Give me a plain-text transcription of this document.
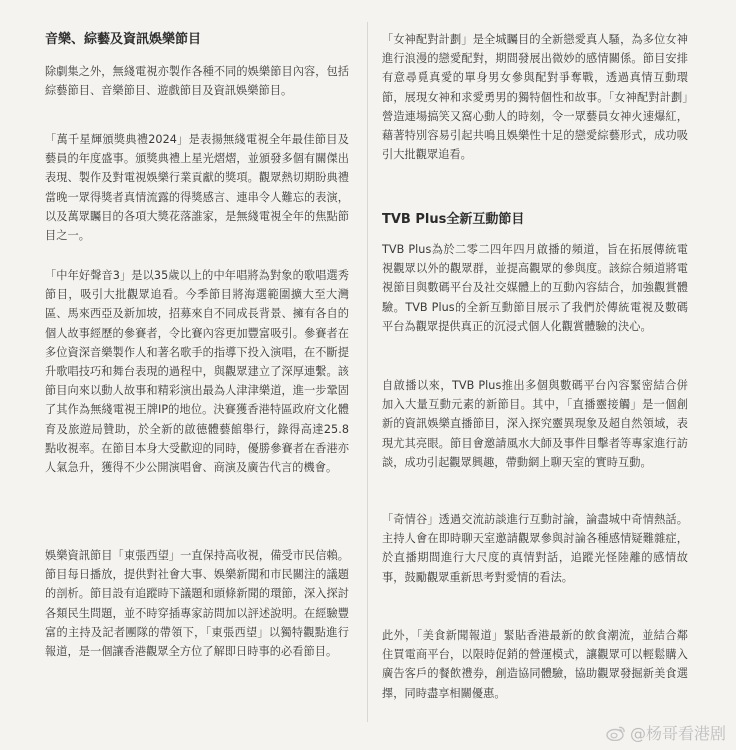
音樂、綜藝及資訊娛樂節目

除劇集之外，無綫電視亦製作各種不同的娛樂節目內容，包括綜藝節目、音樂節目、遊戲節目及資訊娛樂節目。

「萬千星輝頒獎典禮2024」是表揚無綫電視全年最佳節目及藝員的年度盛事。頒獎典禮上星光熠熠，並頒發多個有關傑出表現、製作及對電視娛樂行業貢獻的獎項。觀眾熱切期盼典禮當晚一眾得獎者真情流露的得獎感言、連串令人難忘的表演，以及萬眾矚目的各項大獎花落誰家，是無綫電視全年的焦點節目之一。

「中年好聲音3」是以35歲以上的中年唱將為對象的歌唱選秀節目，吸引大批觀眾追看。今季節目將海選範圍擴大至大灣區、馬來西亞及新加坡，招募來自不同成長背景、擁有各自的個人故事經歷的參賽者，令比賽內容更加豐富吸引。參賽者在多位資深音樂製作人和著名歌手的指導下投入演唱，在不斷提升歌唱技巧和舞台表現的過程中，與觀眾建立了深厚連繫。該節目向來以動人故事和精彩演出最為人津津樂道，進一步鞏固了其作為無綫電視王牌IP的地位。決賽獲香港特區政府文化體育及旅遊局贊助，於全新的啟德體藝館舉行，錄得高達25.8點收視率。在節目本身大受歡迎的同時，優勝參賽者在香港亦人氣急升，獲得不少公開演唱會、商演及廣告代言的機會。

娛樂資訊節目「東張西望」一直保持高收視，備受市民信賴。節目每日播放，提供對社會大事、娛樂新聞和市民關注的議題的剖析。節目設有追蹤時下議題和頭條新聞的環節，深入探討各類民生問題，並不時穿插專家訪問加以評述說明。在經驗豐富的主持及記者團隊的帶領下，「東張西望」以獨特觀點進行報道，是一個讓香港觀眾全方位了解即日時事的必看節目。

「女神配對計劃」是全城矚目的全新戀愛真人騷，為多位女神進行浪漫的戀愛配對，期間發展出微妙的感情關係。節目安排有意尋覓真愛的單身男女參與配對爭奪戰，透過真情互動環節，展現女神和求愛勇男的獨特個性和故事。「女神配對計劃」營造連場搞笑又窩心動人的時刻，令一眾藝員女神火速爆紅，藉著特別容易引起共鳴且娛樂性十足的戀愛綜藝形式，成功吸引大批觀眾追看。

TVB Plus全新互動節目

TVB Plus為於二零二四年四月啟播的頻道，旨在拓展傳統電視觀眾以外的觀眾群，並提高觀眾的參與度。該綜合頻道將電視節目與數碼平台及社交媒體上的互動內容結合，加強觀賞體驗。TVB Plus的全新互動節目展示了我們於傳統電視及數碼平台為觀眾提供真正的沉浸式個人化觀賞體驗的決心。

自啟播以來，TVB Plus推出多個與數碼平台內容緊密結合併加入大量互動元素的新節目。其中，「直播靈接觸」是一個創新的資訊娛樂直播節目，深入探究靈異現象及超自然領域，表現尤其亮眼。節目會邀請風水大師及事件目擊者等專家進行訪談，成功引起觀眾興趣，帶動網上聊天室的實時互動。

「奇情谷」透過交流訪談進行互動討論，論盡城中奇情熱話。主持人會在即時聊天室邀請觀眾參與討論各種感情疑難雜症，於直播期間進行大尺度的真情對話，追蹤光怪陸離的感情故事，鼓勵觀眾重新思考對愛情的看法。

此外，「美食新聞報道」緊貼香港最新的飲食潮流，並結合鄰住買電商平台，以限時促銷的營運模式，讓觀眾可以輕鬆購入廣告客戶的餐飲禮券，創造協同體驗，協助觀眾發掘新美食選擇，同時盡享相關優惠。

@杨哥看港剧
